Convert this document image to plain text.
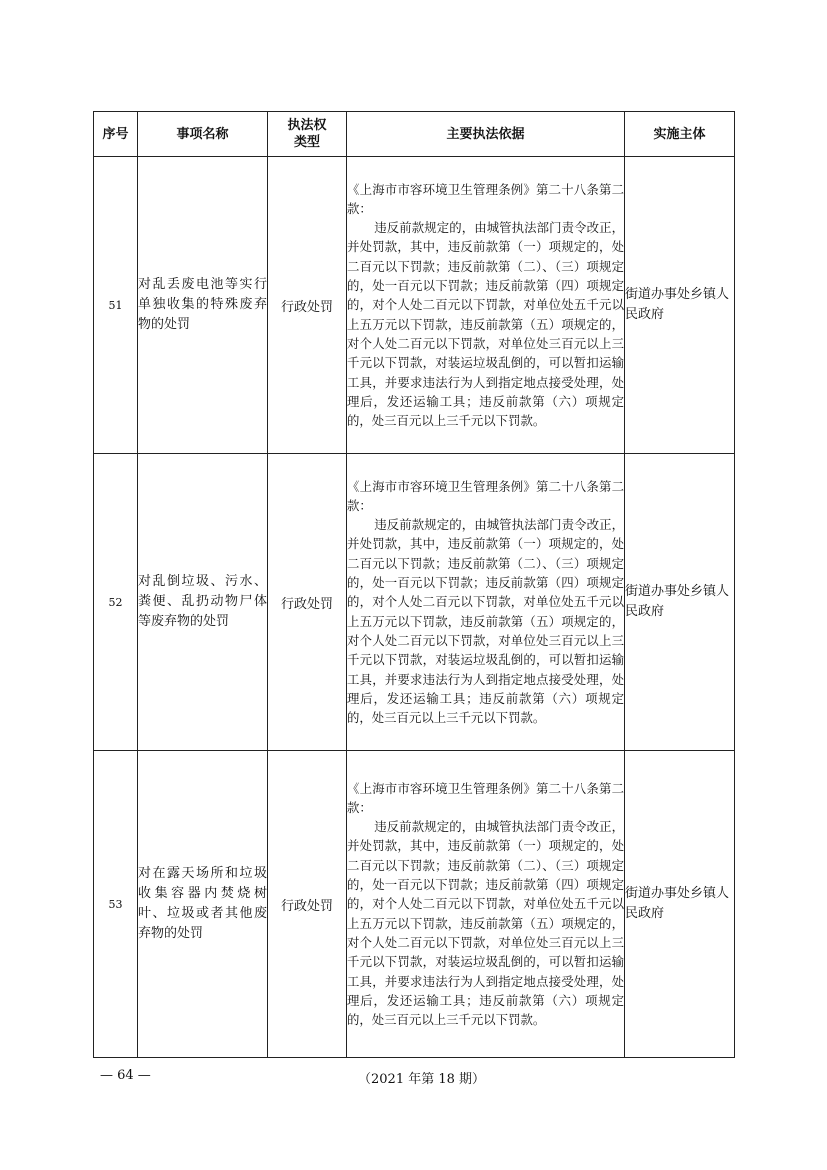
序号	事项名称	执法权类型	主要执法依据	实施主体
51	对乱丢废电池等实行单独收集的特殊废弃物的处罚	行政处罚	《上海市市容环境卫生管理条例》第二十八条第二款：

违反前款规定的，由城管执法部门责令改正，并处罚款，其中，违反前款第（一）项规定的，处二百元以下罚款；违反前款第（二）、（三）项规定的，处一百元以下罚款；违反前款第（四）项规定的，对个人处二百元以下罚款，对单位处五千元以上五万元以下罚款，违反前款第（五）项规定的，对个人处二百元以下罚款，对单位处三百元以上三千元以下罚款，对装运垃圾乱倒的，可以暂扣运输工具，并要求违法行为人到指定地点接受处理，处理后，发还运输工具；违反前款第（六）项规定的，处三百元以上三千元以下罚款。	街道办事处乡镇人民政府
52	对乱倒垃圾、污水、粪便、乱扔动物尸体等废弃物的处罚	行政处罚	《上海市市容环境卫生管理条例》第二十八条第二款：

违反前款规定的，由城管执法部门责令改正，并处罚款，其中，违反前款第（一）项规定的，处二百元以下罚款；违反前款第（二）、（三）项规定的，处一百元以下罚款；违反前款第（四）项规定的，对个人处二百元以下罚款，对单位处五千元以上五万元以下罚款，违反前款第（五）项规定的，对个人处二百元以下罚款，对单位处三百元以上三千元以下罚款，对装运垃圾乱倒的，可以暂扣运输工具，并要求违法行为人到指定地点接受处理，处理后，发还运输工具；违反前款第（六）项规定的，处三百元以上三千元以下罚款。	街道办事处乡镇人民政府
53	对在露天场所和垃圾收集容器内焚烧树叶、垃圾或者其他废弃物的处罚	行政处罚	《上海市市容环境卫生管理条例》第二十八条第二款：

违反前款规定的，由城管执法部门责令改正，并处罚款，其中，违反前款第（一）项规定的，处二百元以下罚款；违反前款第（二）、（三）项规定的，处一百元以下罚款；违反前款第（四）项规定的，对个人处二百元以下罚款，对单位处五千元以上五万元以下罚款，违反前款第（五）项规定的，对个人处二百元以下罚款，对单位处三百元以上三千元以下罚款，对装运垃圾乱倒的，可以暂扣运输工具，并要求违法行为人到指定地点接受处理，处理后，发还运输工具；违反前款第（六）项规定的，处三百元以上三千元以下罚款。	街道办事处乡镇人民政府
— 64 —	（2021 年第 18 期）
